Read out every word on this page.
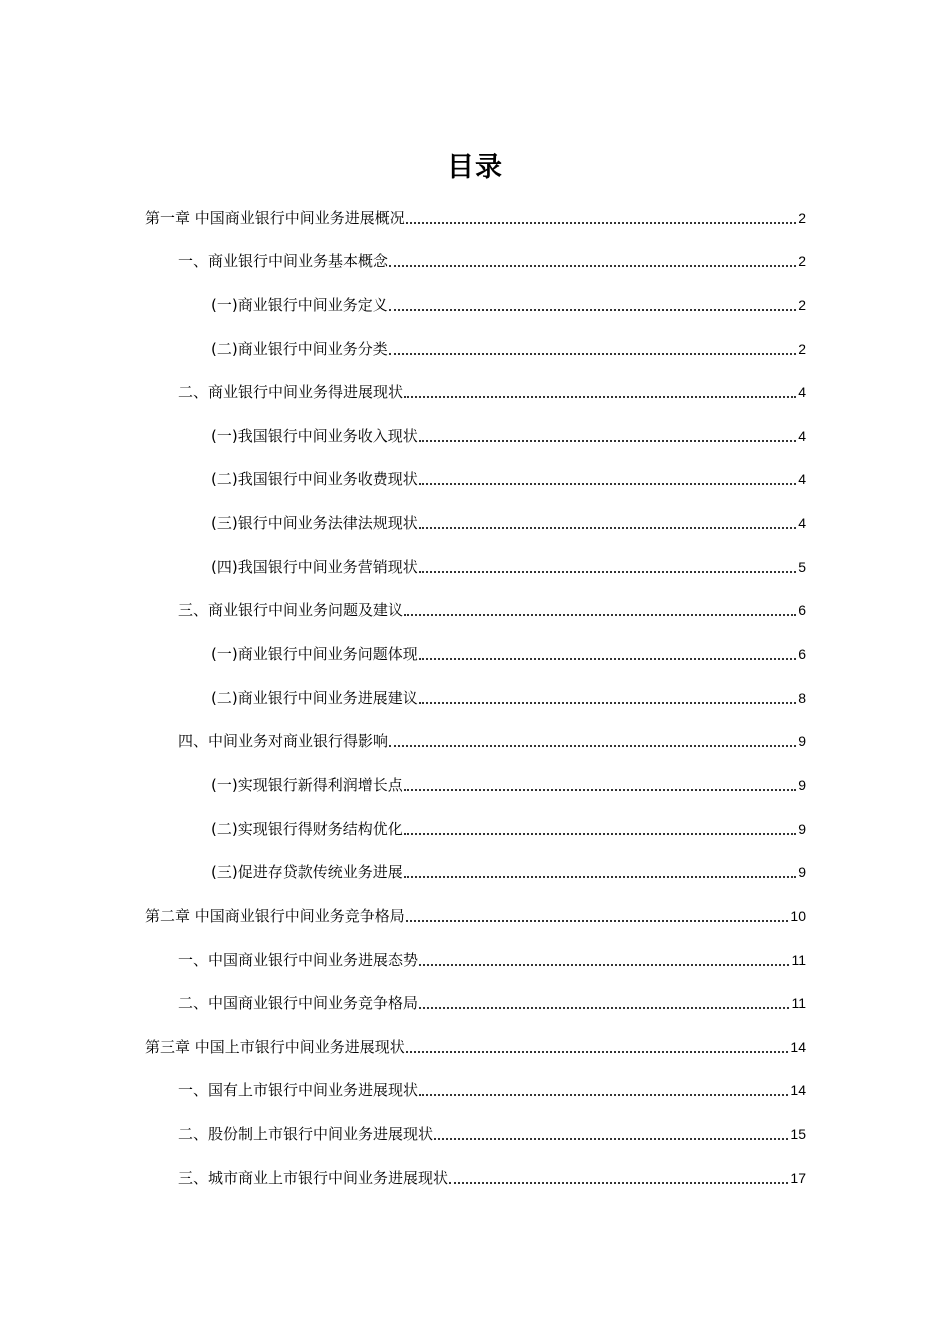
目录
第一章 中国商业银行中间业务进展概况	2
一、商业银行中间业务基本概念	2
(一)商业银行中间业务定义	2
(二)商业银行中间业务分类	2
二、商业银行中间业务得进展现状	4
(一)我国银行中间业务收入现状	4
(二)我国银行中间业务收费现状	4
(三)银行中间业务法律法规现状	4
(四)我国银行中间业务营销现状	5
三、商业银行中间业务问题及建议	6
(一)商业银行中间业务问题体现	6
(二)商业银行中间业务进展建议	8
四、中间业务对商业银行得影响	9
(一)实现银行新得利润增长点	9
(二)实现银行得财务结构优化	9
(三)促进存贷款传统业务进展	9
第二章 中国商业银行中间业务竞争格局	10
一、中国商业银行中间业务进展态势	11
二、中国商业银行中间业务竞争格局	11
第三章 中国上市银行中间业务进展现状	14
一、国有上市银行中间业务进展现状	14
二、股份制上市银行中间业务进展现状	15
三、城市商业上市银行中间业务进展现状	17
